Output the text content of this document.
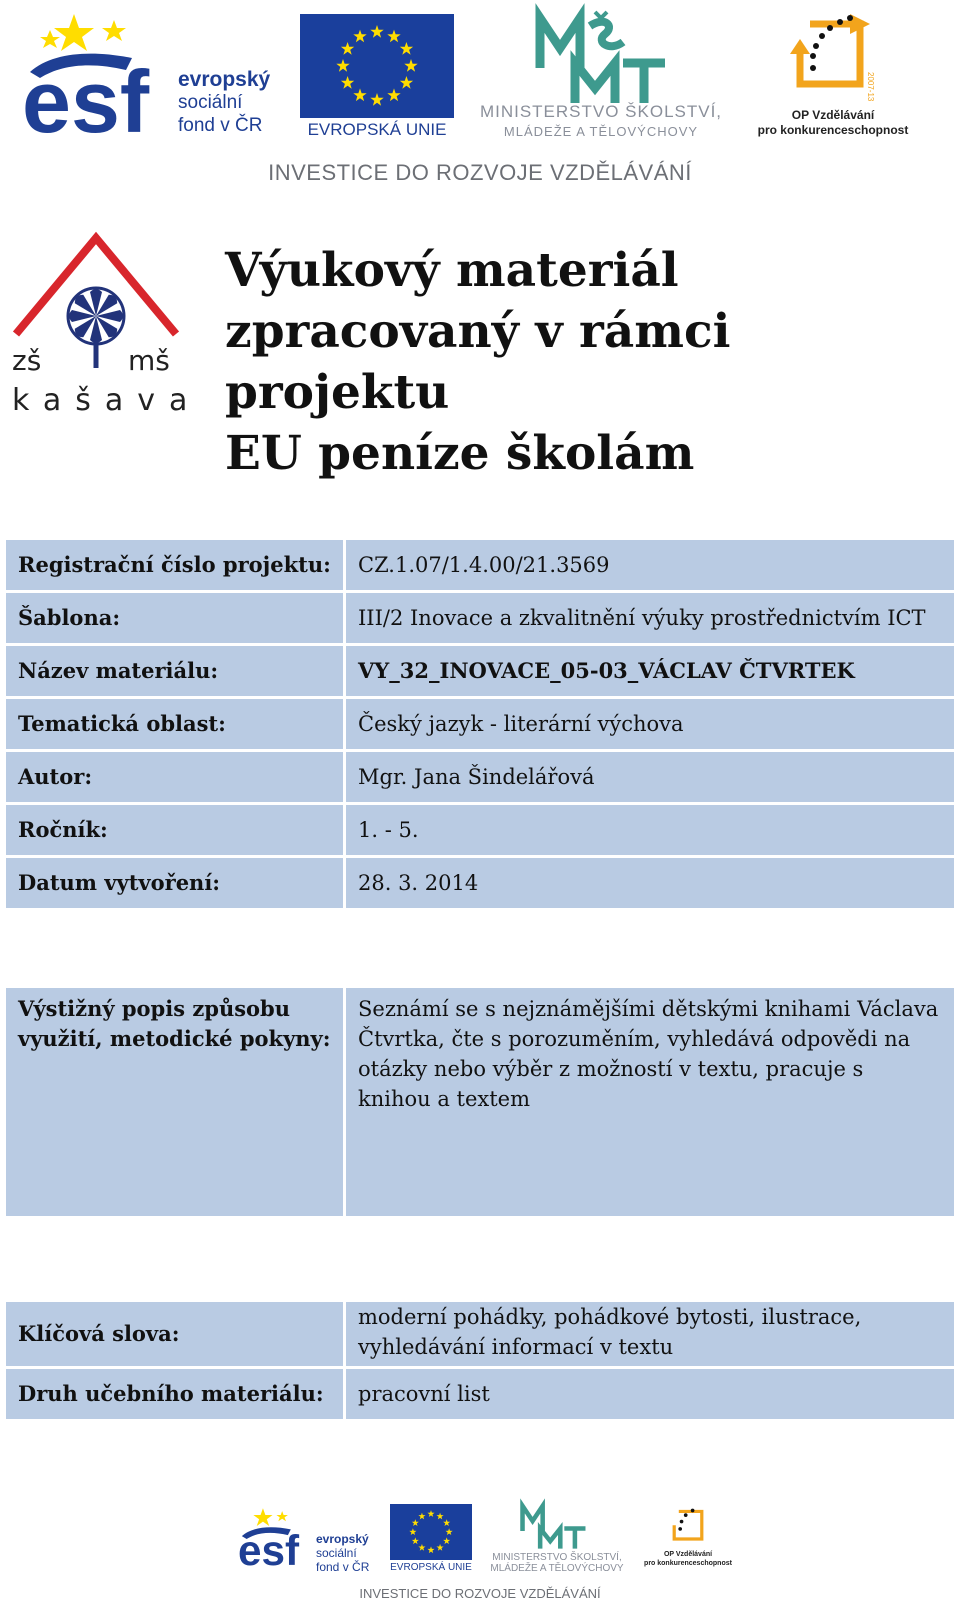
esf evropský
sociální
fond v ČR	EVROPSKÁ UNIE
MINISTERSTVO ŠKOLSTVÍ,
MLÁDEŽE A TĚLOVÝCHOVY
2007-13
OP Vzdělávání
pro konkurenceschopnost
INVESTICE DO ROZVOJE VZDĚLÁVÁNÍ
zš	mš
kašava
Výukový materiál
zpracovaný v rámci projektu
EU peníze školám
Registrační číslo projektu:	CZ.1.07/1.4.00/21.3569
Šablona:	III/2 Inovace a zkvalitnění výuky prostřednictvím ICT
Název materiálu:	VY_32_INOVACE_05-03_VÁCLAV ČTVRTEK
Tematická oblast:	Český jazyk - literární výchova
Autor:	Mgr. Jana Šindelářová
Ročník:	1. - 5.
Datum vytvoření:	28. 3. 2014
Výstižný popis způsobu využití, metodické pokyny:	Seznámí se s nejznámějšími dětskými knihami Václava Čtvrtka, čte s porozuměním, vyhledává odpovědi na otázky nebo výběr z možností v textu, pracuje s knihou a textem
Klíčová slova:	moderní pohádky, pohádkové bytosti, ilustrace, vyhledávání informací v textu
Druh učebního materiálu:	pracovní list
esf evropský
sociální
fond v ČR EVROPSKÁ UNIE
MINISTERSTVO ŠKOLSTVÍ,
MLÁDEŽE A TĚLOVÝCHOVY
OP Vzdělávání
pro konkurenceschopnost
INVESTICE DO ROZVOJE VZDĚLÁVÁNÍ
